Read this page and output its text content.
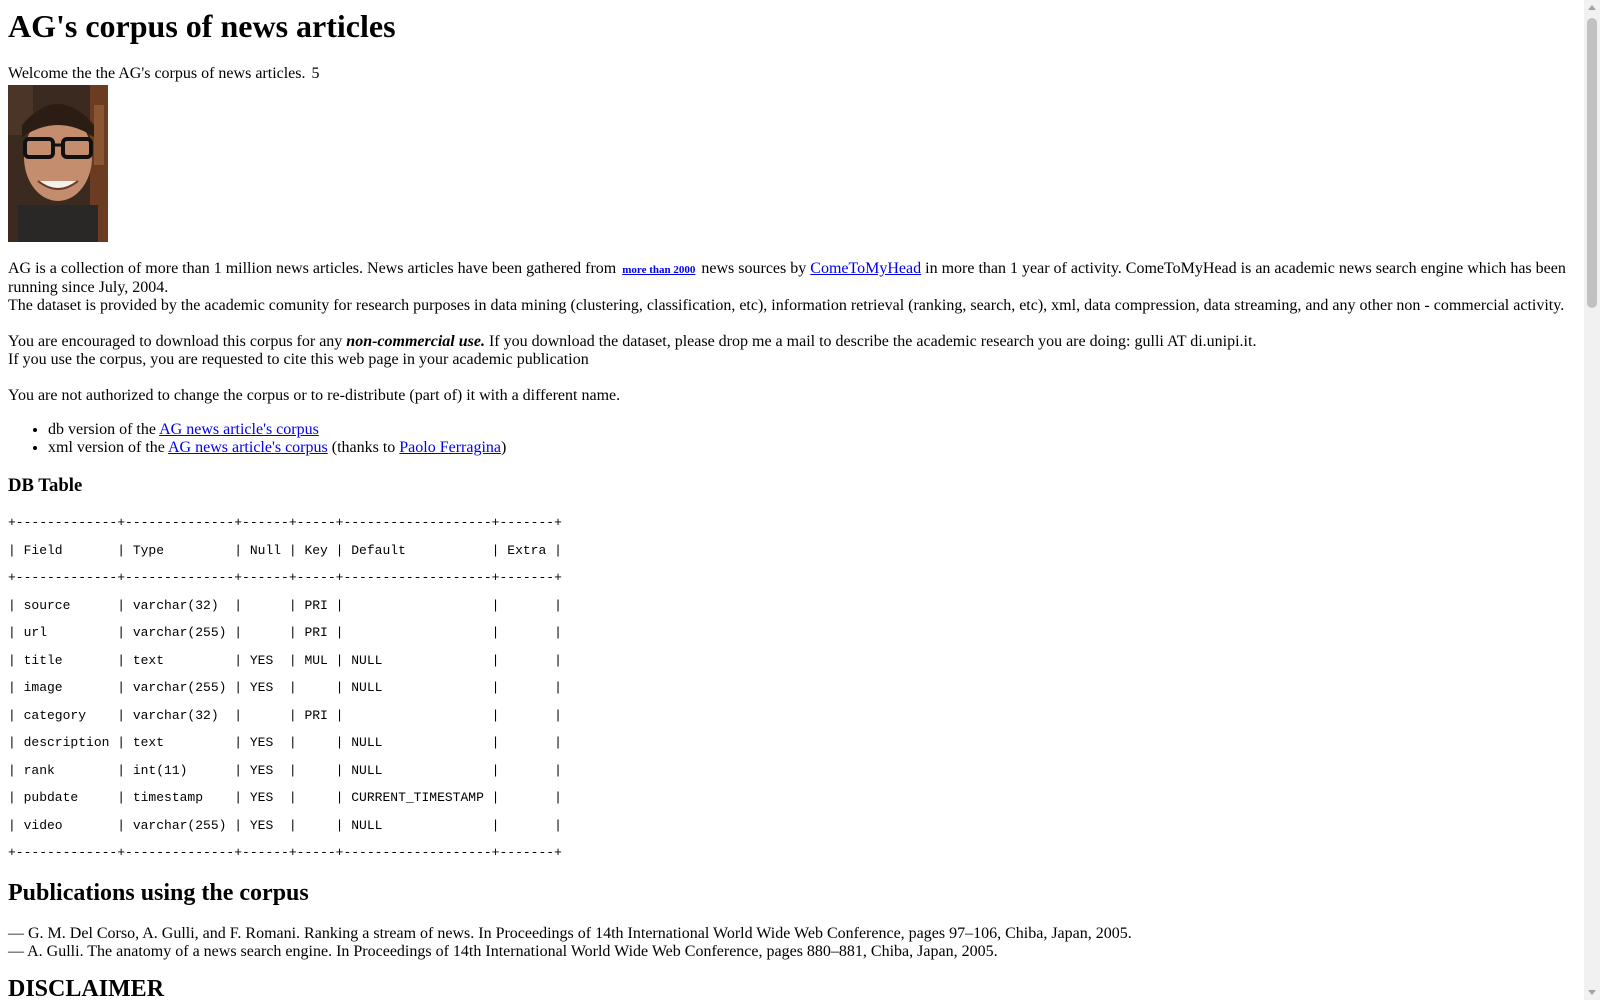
AG's corpus of news articles
Welcome the the AG's corpus of news articles. 5

AG is a collection of more than 1 million news articles. News articles have been gathered from more than 2000 news sources by ComeToMyHead in more than 1 year of activity. ComeToMyHead is an academic news search engine which has been running since July, 2004.

The dataset is provided by the academic comunity for research purposes in data mining (clustering, classification, etc), information retrieval (ranking, search, etc), xml, data compression, data streaming, and any other non - commercial activity.

You are encouraged to download this corpus for any non-commercial use. If you download the dataset, please drop me a mail to describe the academic research you are doing: gulli AT di.unipi.it.

If you use the corpus, you are requested to cite this web page in your academic publication

You are not authorized to change the corpus or to re-distribute (part of) it with a different name.

• db version of the AG news article's corpus
• xml version of the AG news article's corpus (thanks to Paolo Ferragina)
DB Table
+-------------+--------------+------+-----+-------------------+-------+
| Field       | Type         | Null | Key | Default           | Extra |
+-------------+--------------+------+-----+-------------------+-------+
| source      | varchar(32)  |      | PRI |                   |       |
| url         | varchar(255) |      | PRI |                   |       |
| title       | text         | YES  | MUL | NULL              |       |
| image       | varchar(255) | YES  |     | NULL              |       |
| category    | varchar(32)  |      | PRI |                   |       |
| description | text         | YES  |     | NULL              |       |
| rank        | int(11)      | YES  |     | NULL              |       |
| pubdate     | timestamp    | YES  |     | CURRENT_TIMESTAMP |       |
| video       | varchar(255) | YES  |     | NULL              |       |
+-------------+--------------+------+-----+-------------------+-------+
Publications using the corpus
— G. M. Del Corso, A. Gulli, and F. Romani. Ranking a stream of news. In Proceedings of 14th International World Wide Web Conference, pages 97–106, Chiba, Japan, 2005.
— A. Gulli. The anatomy of a news search engine. In Proceedings of 14th International World Wide Web Conference, pages 880–881, Chiba, Japan, 2005.
DISCLAIMER
